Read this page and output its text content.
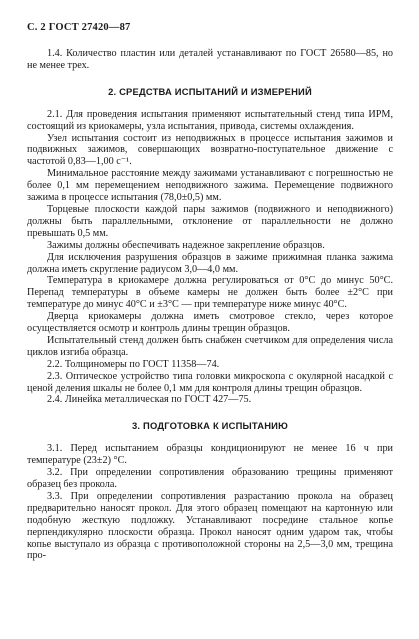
С. 2 ГОСТ 27420—87

1.4. Количество пластин или деталей устанавливают по ГОСТ 26580—85, но не менее трех.

2. СРЕДСТВА ИСПЫТАНИЙ И ИЗМЕРЕНИЙ

2.1. Для проведения испытания применяют испытательный стенд типа ИРМ, состоящий из криокамеры, узла испытания, привода, системы охлаждения.

Узел испытания состоит из неподвижных в процессе испытания зажимов и подвижных зажимов, совершающих возвратно-поступательное движение с частотой 0,83—1,00 с⁻¹.

Минимальное расстояние между зажимами устанавливают с погрешностью не более 0,1 мм перемещением неподвижного зажима. Перемещение подвижного зажима в процессе испытания (78,0±0,5) мм.

Торцевые плоскости каждой пары зажимов (подвижного и неподвижного) должны быть параллельными, отклонение от параллельности не должно превышать 0,5 мм.

Зажимы должны обеспечивать надежное закрепление образцов.

Для исключения разрушения образцов в зажиме прижимная планка зажима должна иметь скругление радиусом 3,0—4,0 мм.

Температура в криокамере должна регулироваться от 0°С до минус 50°С. Перепад температуры в объеме камеры не должен быть более ±2°С при температуре до минус 40°С и ±3°С — при температуре ниже минус 40°С.

Дверца криокамеры должна иметь смотровое стекло, через которое осуществляется осмотр и контроль длины трещин образцов.

Испытательный стенд должен быть снабжен счетчиком для определения числа циклов изгиба образца.

2.2. Толщиномеры по ГОСТ 11358—74.

2.3. Оптическое устройство типа головки микроскопа с окулярной насадкой с ценой деления шкалы не более 0,1 мм для контроля длины трещин образцов.

2.4. Линейка металлическая по ГОСТ 427—75.

3. ПОДГОТОВКА К ИСПЫТАНИЮ

3.1. Перед испытанием образцы кондиционируют не менее 16 ч при температуре (23±2) °С.

3.2. При определении сопротивления образованию трещины применяют образец без прокола.

3.3. При определении сопротивления разрастанию прокола на образец предварительно наносят прокол. Для этого образец помещают на картонную или подобную жесткую подложку. Устанавливают посредине стальное копье перпендикулярно плоскости образца. Прокол наносят одним ударом так, чтобы копье выступало из образца с противоположной стороны на 2,5—3,0 мм, трещина про-
